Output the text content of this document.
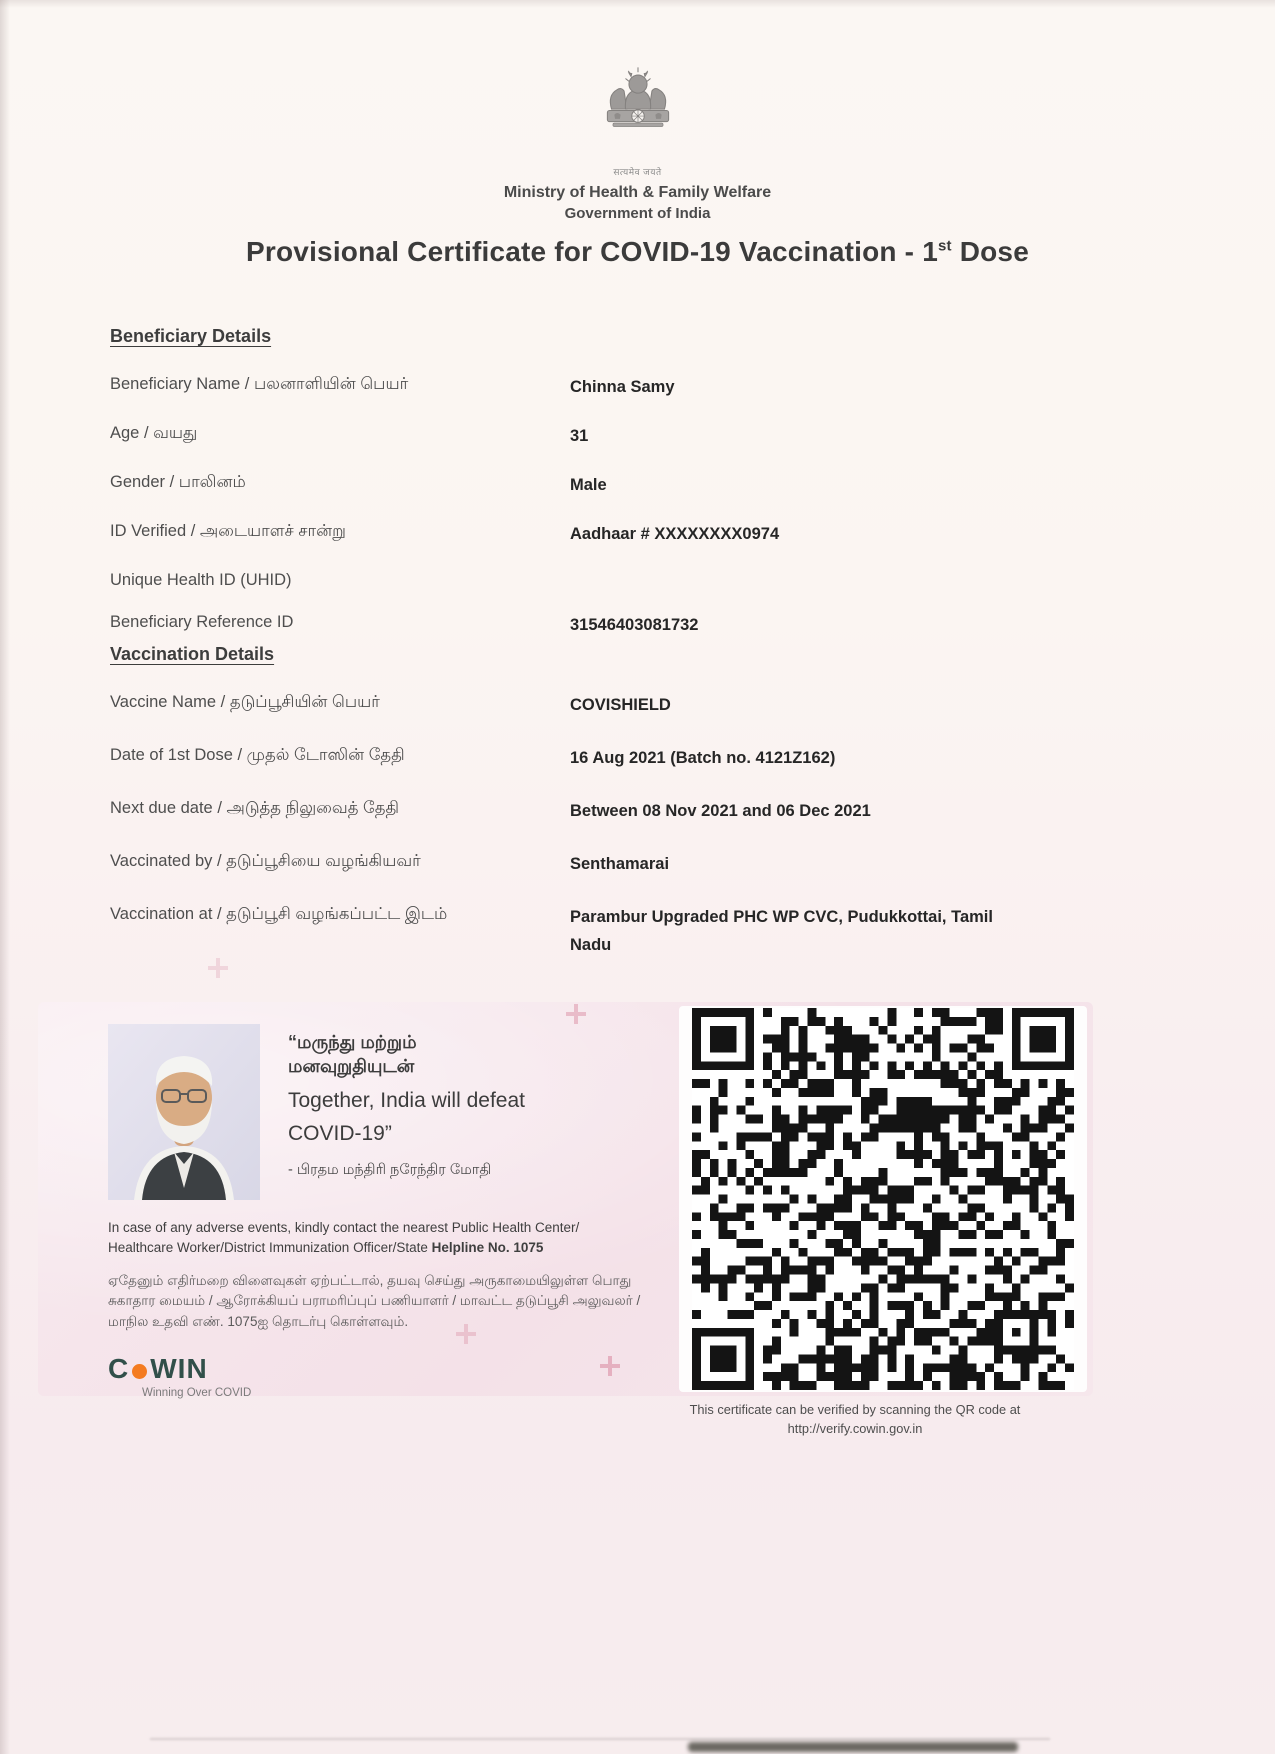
सत्यमेव जयते
Ministry of Health & Family Welfare
Government of India
Provisional Certificate for COVID-19 Vaccination - 1st Dose
Beneficiary Details
Beneficiary Name / பலனாளியின் பெயர்	Chinna Samy
Age / வயது	31
Gender / பாலினம்	Male
ID Verified / அடையாளச் சான்று	Aadhaar # XXXXXXXX0974
Unique Health ID (UHID)
Beneficiary Reference ID	31546403081732
Vaccination Details
Vaccine Name / தடுப்பூசியின் பெயர்	COVISHIELD
Date of 1st Dose / முதல் டோஸின் தேதி	16 Aug 2021 (Batch no. 4121Z162)
Next due date / அடுத்த நிலுவைத் தேதி	Between 08 Nov 2021 and 06 Dec 2021
Vaccinated by / தடுப்பூசியை வழங்கியவர்	Senthamarai
Vaccination at / தடுப்பூசி வழங்கப்பட்ட இடம்	Parambur Upgraded PHC WP CVC, Pudukkottai, Tamil Nadu
“மருந்து மற்றும்
மனவுறுதியுடன்
Together, India will defeat
COVID-19”
- பிரதம மந்திரி நரேந்திர மோதி

In case of any adverse events, kindly contact the nearest Public Health Center/
Healthcare Worker/District Immunization Officer/State Helpline No. 1075

ஏதேனும் எதிர்மறை விளைவுகள் ஏற்பட்டால், தயவு செய்து அருகாமையிலுள்ள பொது
சுகாதார மையம் / ஆரோக்கியப் பராமரிப்புப் பணியாளர் / மாவட்ட தடுப்பூசி அலுவலர் /
மாநில உதவி எண். 1075ஐ தொடர்பு கொள்ளவும்.

C WIN
Winning Over COVID
This certificate can be verified by scanning the QR code at
http://verify.cowin.gov.in
